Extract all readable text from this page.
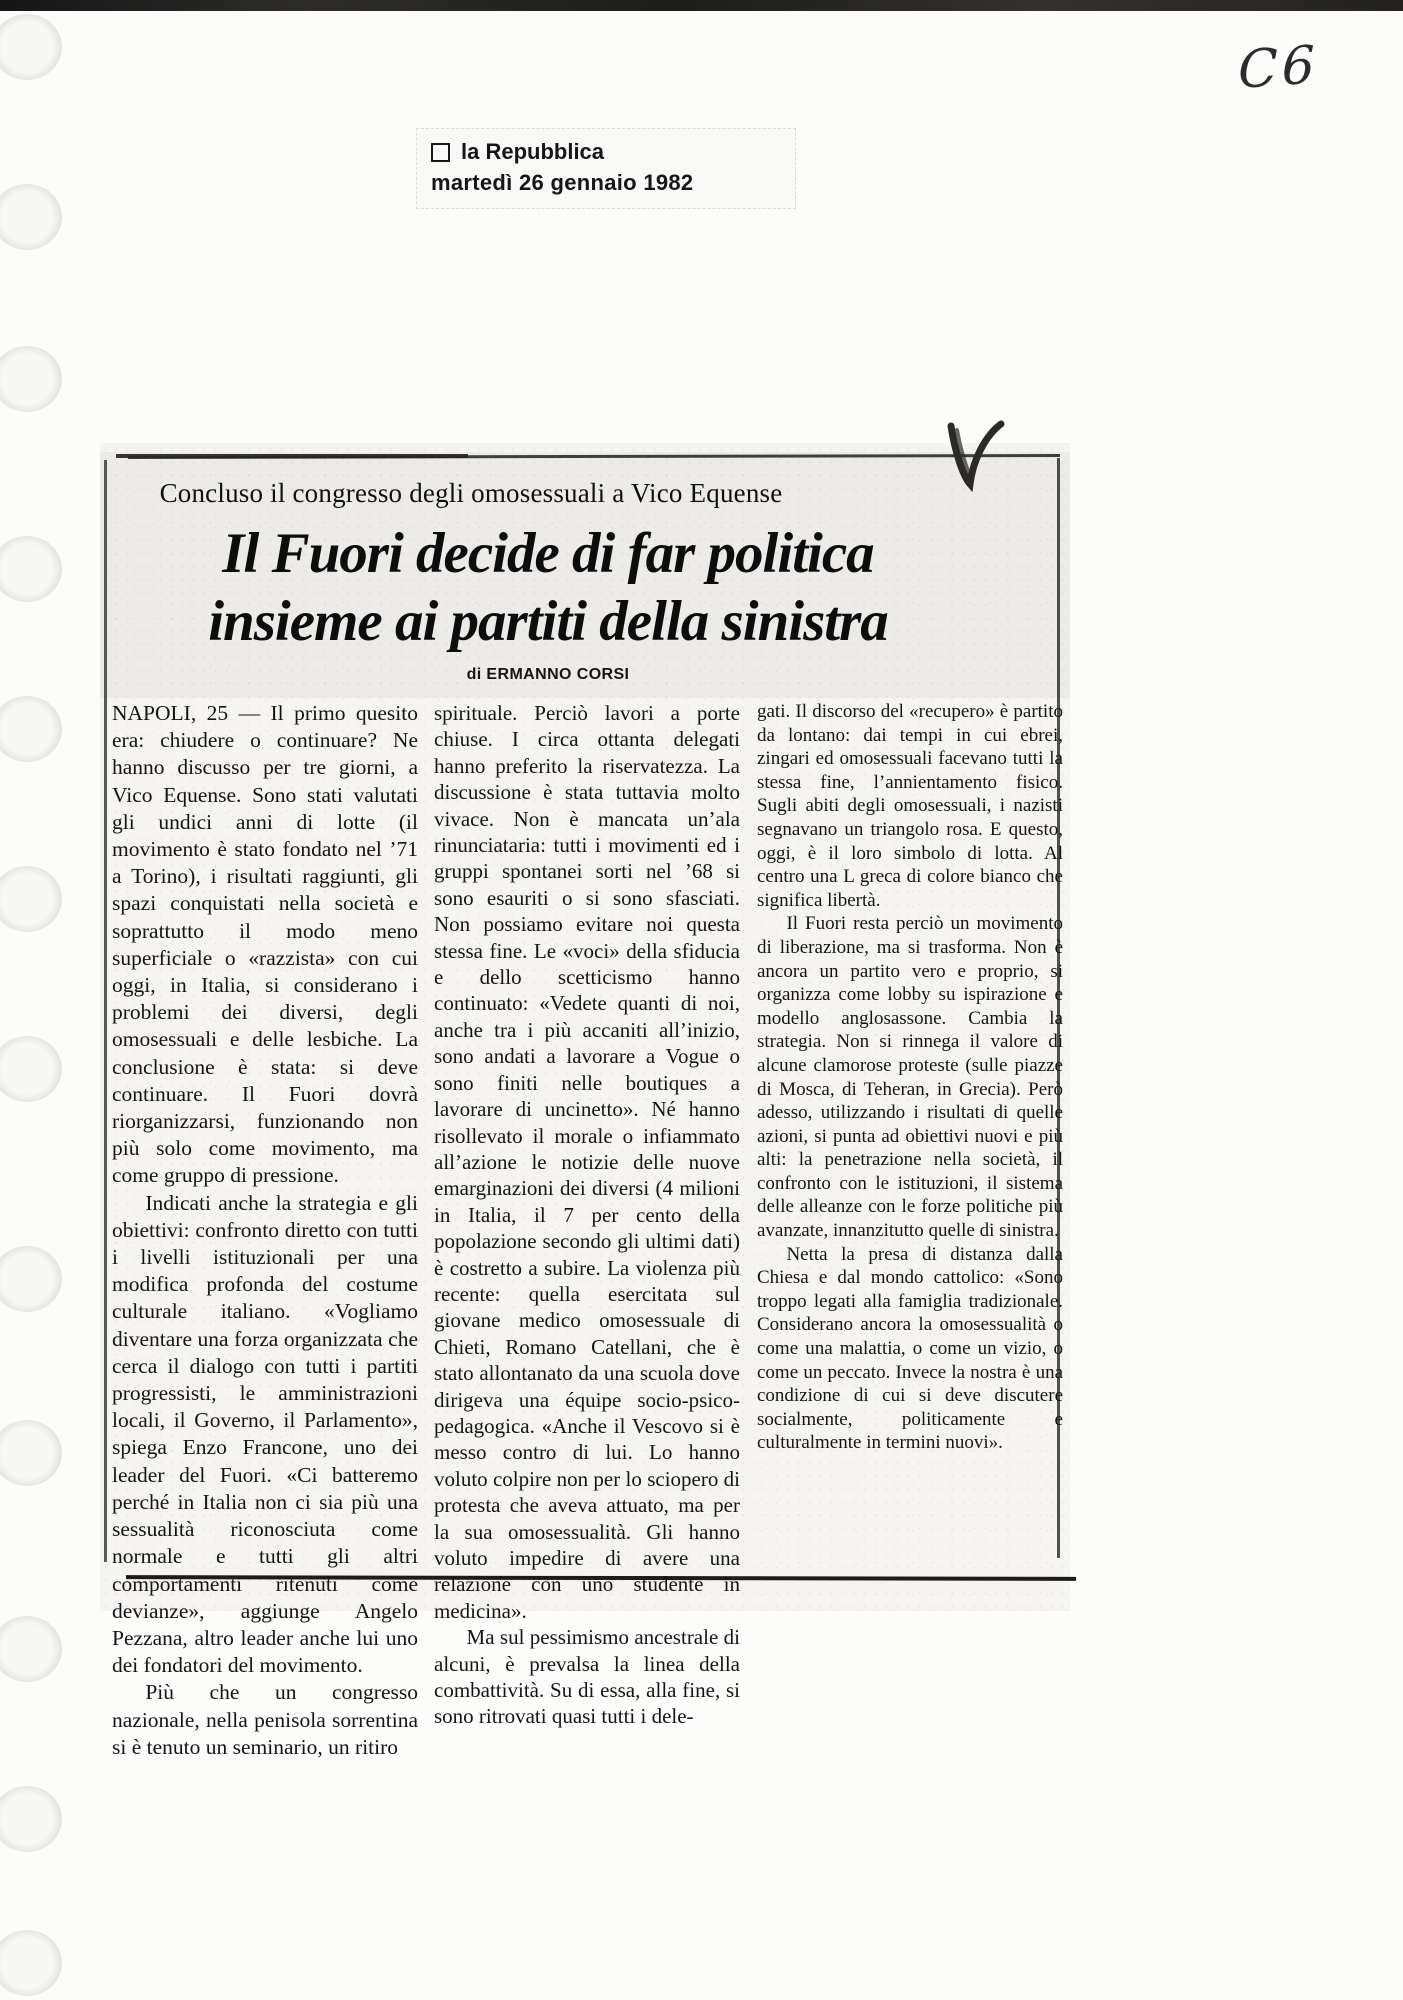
C6
la Repubblica
martedì 26 gennaio 1982
Concluso il congresso degli omosessuali a Vico Equense
Il Fuori decide di far politica
insieme ai partiti della sinistra
di ERMANNO CORSI

NAPOLI, 25 — Il primo quesito era: chiudere o continuare? Ne hanno discusso per tre giorni, a Vico Equense. Sono stati valutati gli undici anni di lotte (il movimento è stato fondato nel ’71 a Torino), i risultati raggiunti, gli spazi conquistati nella società e soprattutto il modo meno superficiale o «razzista» con cui oggi, in Italia, si considerano i problemi dei diversi, degli omosessuali e delle lesbiche. La conclusione è stata: si deve continuare. Il Fuori dovrà riorganizzarsi, funzionando non più solo come movimento, ma come gruppo di pressione.

Indicati anche la strategia e gli obiettivi: confronto diretto con tutti i livelli istituzionali per una modifica profonda del costume culturale italiano. «Vogliamo diventare una forza organizzata che cerca il dialogo con tutti i partiti progressisti, le amministrazioni locali, il Governo, il Parlamento», spiega Enzo Francone, uno dei leader del Fuori. «Ci batteremo perché in Italia non ci sia più una sessualità riconosciuta come normale e tutti gli altri comportamenti ritenuti come devianze», aggiunge Angelo Pezzana, altro leader anche lui uno dei fondatori del movimento.

Più che un congresso nazionale, nella penisola sorrentina si è tenuto un seminario, un ritiro

spirituale. Perciò lavori a porte chiuse. I circa ottanta delegati hanno preferito la riservatezza. La discussione è stata tuttavia molto vivace. Non è mancata un’ala rinunciataria: tutti i movimenti ed i gruppi spontanei sorti nel ’68 si sono esauriti o si sono sfasciati. Non possiamo evitare noi questa stessa fine. Le «voci» della sfiducia e dello scetticismo hanno continuato: «Vedete quanti di noi, anche tra i più accaniti all’inizio, sono andati a lavorare a Vogue o sono finiti nelle boutiques a lavorare di uncinetto». Né hanno risollevato il morale o infiammato all’azione le notizie delle nuove emarginazioni dei diversi (4 milioni in Italia, il 7 per cento della popolazione secondo gli ultimi dati) è costretto a subire. La violenza più recente: quella esercitata sul giovane medico omosessuale di Chieti, Romano Catellani, che è stato allontanato da una scuola dove dirigeva una équipe socio-psico-pedagogica. «Anche il Vescovo si è messo contro di lui. Lo hanno voluto colpire non per lo sciopero di protesta che aveva attuato, ma per la sua omosessualità. Gli hanno voluto impedire di avere una relazione con uno studente in medicina».

Ma sul pessimismo ancestrale di alcuni, è prevalsa la linea della combattività. Su di essa, alla fine, si sono ritrovati quasi tutti i dele-

gati. Il discorso del «recupero» è partito da lontano: dai tempi in cui ebrei, zingari ed omosessuali facevano tutti la stessa fine, l’annientamento fisico. Sugli abiti degli omosessuali, i nazisti segnavano un triangolo rosa. E questo, oggi, è il loro simbolo di lotta. Al centro una L greca di colore bianco che significa libertà.

Il Fuori resta perciò un movimento di liberazione, ma si trasforma. Non è ancora un partito vero e proprio, si organizza come lobby su ispirazione e modello anglosassone. Cambia la strategia. Non si rinnega il valore di alcune clamorose proteste (sulle piazze di Mosca, di Teheran, in Grecia). Però adesso, utilizzando i risultati di quelle azioni, si punta ad obiettivi nuovi e più alti: la penetrazione nella società, il confronto con le istituzioni, il sistema delle alleanze con le forze politiche più avanzate, innanzitutto quelle di sinistra.

Netta la presa di distanza dalla Chiesa e dal mondo cattolico: «Sono troppo legati alla famiglia tradizionale. Considerano ancora la omosessualità o come una malattia, o come un vizio, o come un peccato. Invece la nostra è una condizione di cui si deve discutere socialmente, politicamente e culturalmente in termini nuovi».
